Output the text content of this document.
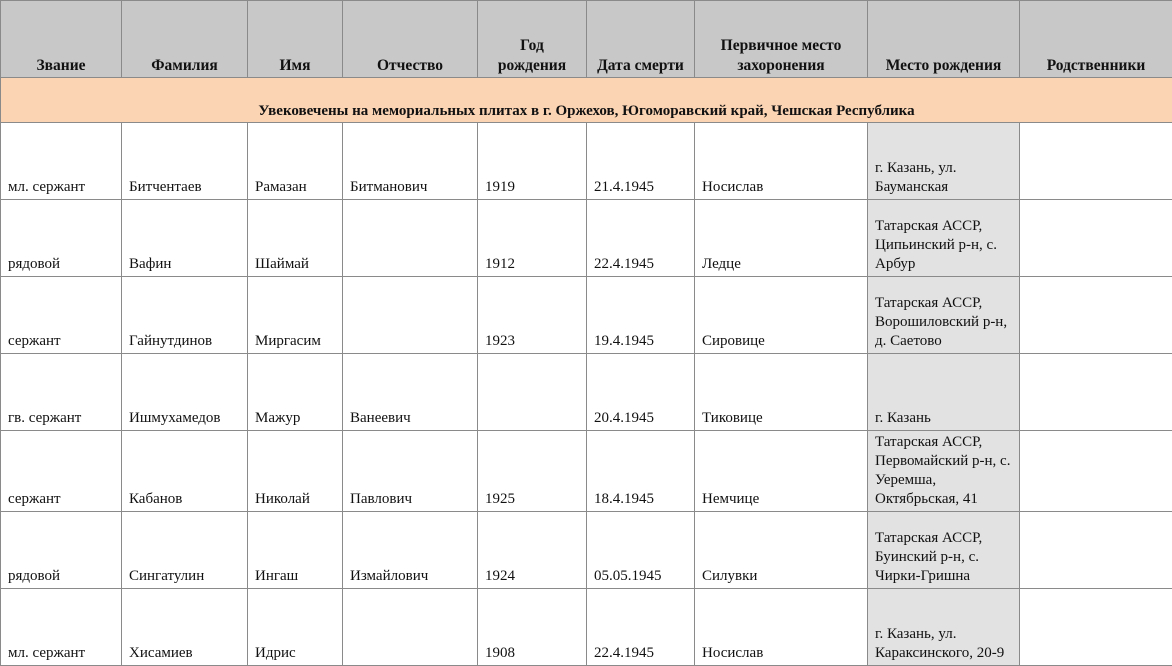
Звание	Фамилия	Имя	Отчество	Год рождения	Дата смерти	Первичное место захоронения	Место рождения	Родственники
Увековечены на мемориальных плитах в г. Оржехов, Югоморавский край, Чешская Республика								
мл. сержант	Битчентаев	Рамазан	Битманович	1919	21.4.1945	Носислав	г. Казань, ул. Бауманская	
рядовой	Вафин	Шаймай		1912	22.4.1945	Ледце	Татарская АССР, Ципьинский р-н, с. Арбур	
сержант	Гайнутдинов	Миргасим		1923	19.4.1945	Сировице	Татарская АССР, Ворошиловский р-н, д. Саетово	
гв. сержант	Ишмухамедов	Мажур	Ванеевич		20.4.1945	Тиковице	г. Казань	
сержант	Кабанов	Николай	Павлович	1925	18.4.1945	Немчице	Татарская АССР, Первомайский р-н, с. Уеремша, Октябрьская, 41	
рядовой	Сингатулин	Ингаш	Измайлович	1924	05.05.1945	Силувки	Татарская АССР, Буинский р-н, с. Чирки-Гришна	
мл. сержант	Хисамиев	Идрис		1908	22.4.1945	Носислав	г. Казань, ул. Караксинского, 20-9	
